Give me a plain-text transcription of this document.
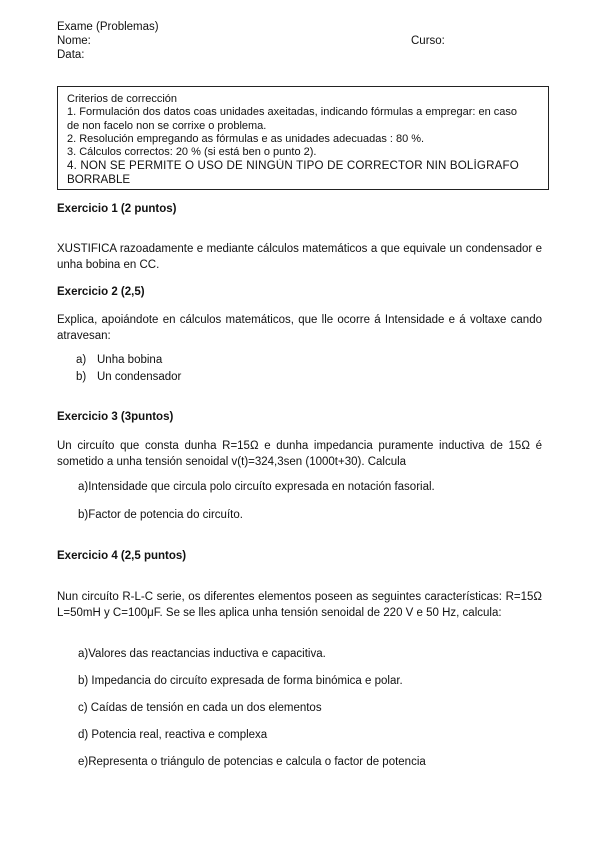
Exame (Problemas)
Nome:	Curso:
Data:
Criterios de corrección
1. Formulación dos datos coas unidades axeitadas, indicando fórmulas a empregar: en caso
de non facelo non se corrixe o problema.
2. Resolución empregando as fórmulas e as unidades adecuadas : 80 %.
3. Cálculos correctos: 20 % (si está ben o punto 2).
4. NON SE PERMITE O USO DE NINGÚN TIPO DE CORRECTOR NIN BOLÍGRAFO
BORRABLE
Exercicio 1 (2 puntos)
XUSTIFICA razoadamente e mediante cálculos matemáticos a que equivale un condensador e unha bobina en CC.
Exercicio 2 (2,5)
Explica, apoiándote en cálculos matemáticos, que lle ocorre á Intensidade e á voltaxe cando atravesan:
a) Unha bobina
b) Un condensador
Exercicio 3 (3puntos)
Un circuíto que consta dunha R=15Ω e dunha impedancia puramente inductiva de 15Ω é sometido a unha tensión senoidal v(t)=324,3sen (1000t+30). Calcula
a)Intensidade que circula polo circuíto expresada en notación fasorial.
b)Factor de potencia do circuíto.
Exercicio 4 (2,5 puntos)
Nun circuíto R-L-C serie, os diferentes elementos poseen as seguintes características: R=15Ω L=50mH y C=100μF. Se se lles aplica unha tensión senoidal de 220 V e 50 Hz, calcula:
a)Valores das reactancias inductiva e capacitiva.
b) Impedancia do circuíto expresada de forma binómica e polar.
c) Caídas de tensión en cada un dos elementos
d) Potencia real, reactiva e complexa
e)Representa o triángulo de potencias e calcula o factor de potencia
